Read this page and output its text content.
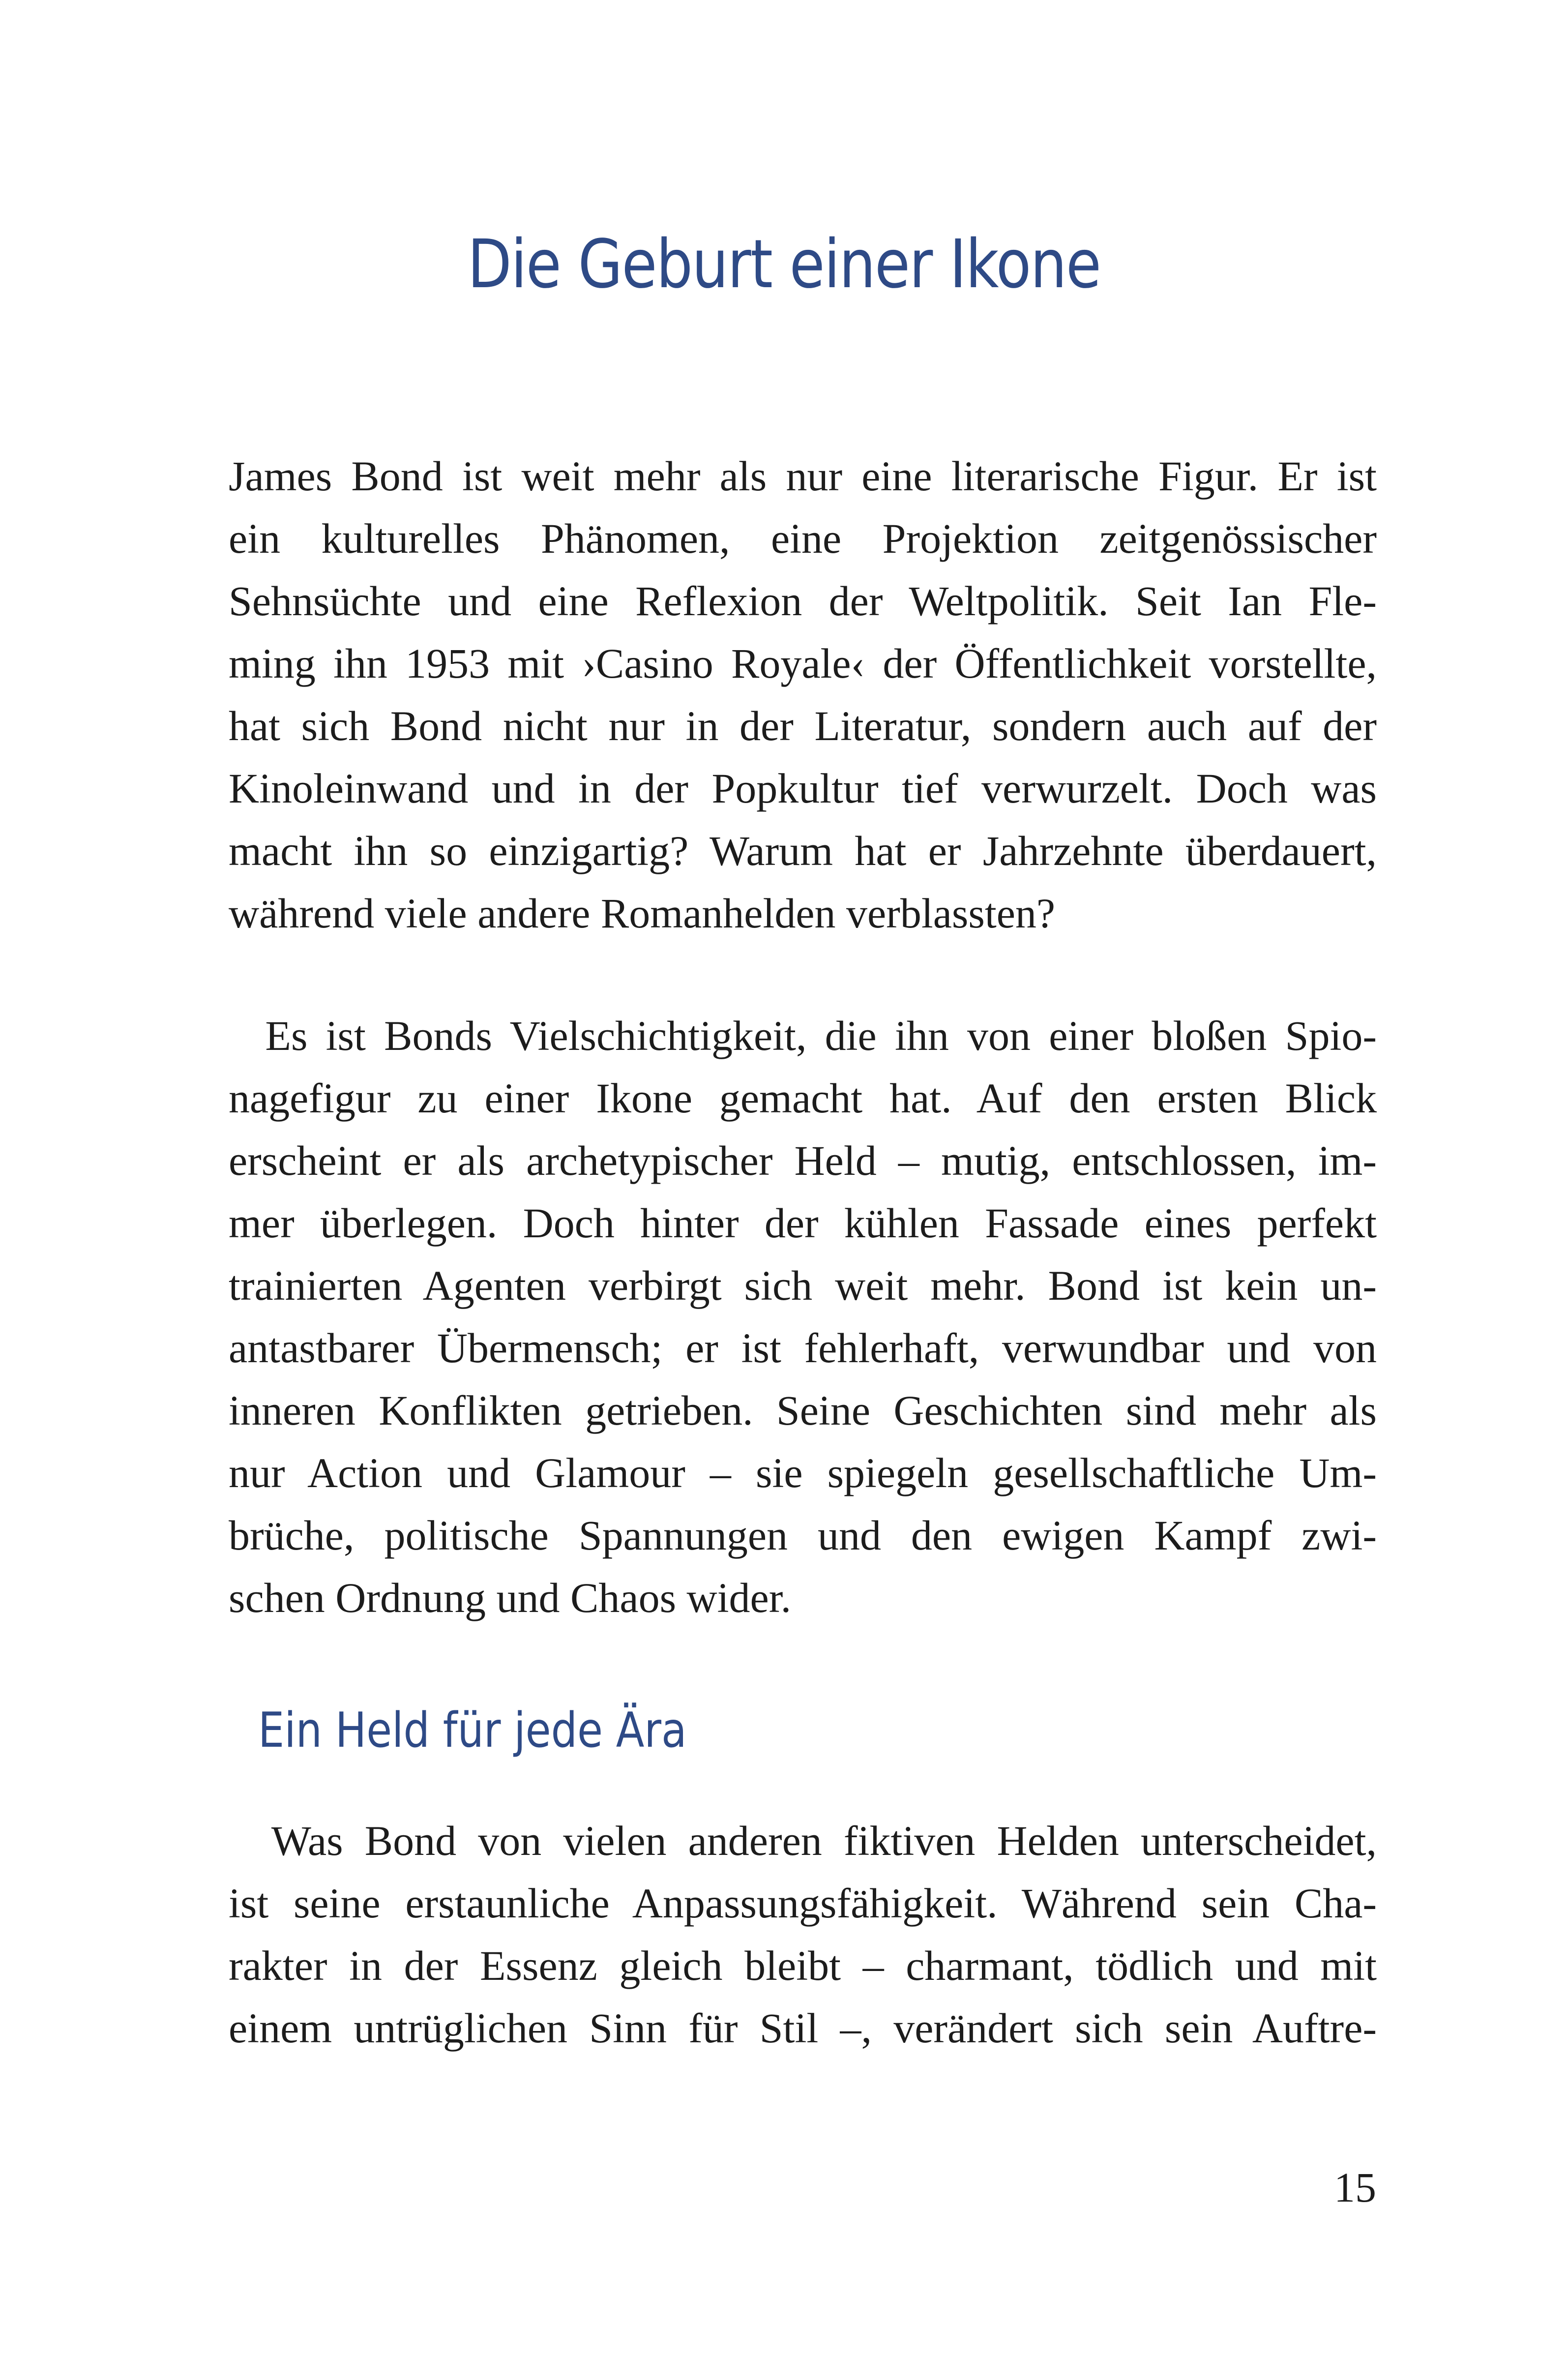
Die Geburt einer Ikone

James Bond ist weit mehr als nur eine literarische Figur. Er ist
ein kulturelles Phänomen, eine Projektion zeitgenössischer
Sehnsüchte und eine Reflexion der Weltpolitik. Seit Ian Fle-
ming ihn 1953 mit ›Casino Royale‹ der Öffentlichkeit vorstellte,
hat sich Bond nicht nur in der Literatur, sondern auch auf der
Kinoleinwand und in der Popkultur tief verwurzelt. Doch was
macht ihn so einzigartig? Warum hat er Jahrzehnte überdauert,
während viele andere Romanhelden verblassten?

Es ist Bonds Vielschichtigkeit, die ihn von einer bloßen Spio-
nagefigur zu einer Ikone gemacht hat. Auf den ersten Blick
erscheint er als archetypischer Held – mutig, entschlossen, im-
mer überlegen. Doch hinter der kühlen Fassade eines perfekt
trainierten Agenten verbirgt sich weit mehr. Bond ist kein un-
antastbarer Übermensch; er ist fehlerhaft, verwundbar und von
inneren Konflikten getrieben. Seine Geschichten sind mehr als
nur Action und Glamour – sie spiegeln gesellschaftliche Um-
brüche, politische Spannungen und den ewigen Kampf zwi-
schen Ordnung und Chaos wider.

Ein Held für jede Ära

Was Bond von vielen anderen fiktiven Helden unterscheidet,
ist seine erstaunliche Anpassungsfähigkeit. Während sein Cha-
rakter in der Essenz gleich bleibt – charmant, tödlich und mit
einem untrüglichen Sinn für Stil –, verändert sich sein Auftre-

15
